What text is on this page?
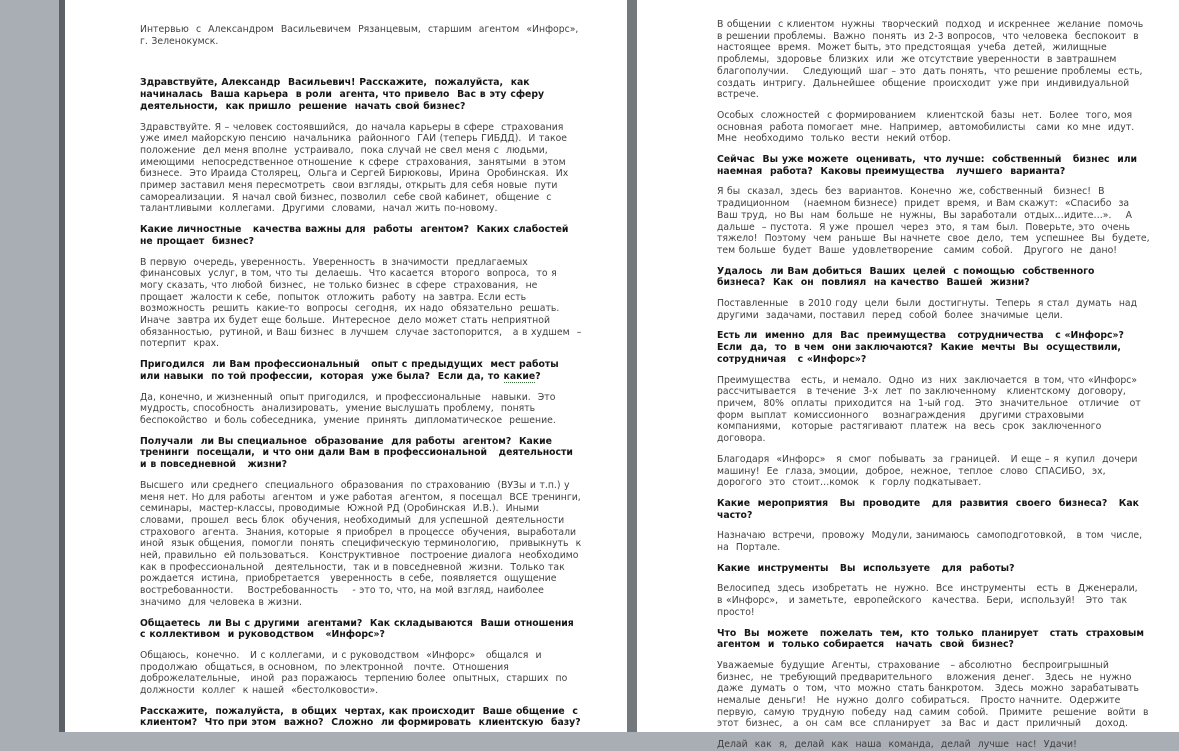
Интервью  с  Александром  Васильевичем  Рязанцевым,  старшим  агентом  «Инфорс»,  г. Зеленокумск.

Здравствуйте, Александр  Васильевич! Расскажите,  пожалуйста,  как начиналась  Ваша карьера  в роли  агента, что привело  Вас в эту сферу  деятельности,  как пришло  решение  начать свой бизнес?

Здравствуйте. Я – человек состоявшийся,  до начала карьеры в сфере  страхования  уже имел майорскую пенсию  начальника  районного  ГАИ (теперь ГИБДД).  И такое положение  дел меня вполне  устраивало,  пока случай не свел меня с  людьми, имеющими  непосредственное отношение  к сфере  страхования,  занятыми  в этом  бизнесе.  Это Ираида Столярец,  Ольга и Сергей Бирюковы,  Ирина  Оробинская.  Их пример заставил меня пересмотреть  свои взгляды, открыть для себя новые  пути самореализации.  Я начал свой бизнес, позволил  себе свой кабинет,  общение  с талантливыми  коллегами.  Другими  словами,  начал жить по-новому.

Какие личностные   качества важны для  работы  агентом?  Каких слабостей  не прощает  бизнес?

В первую  очередь, уверенность.  Уверенность  в значимости  предлагаемых  финансовых  услуг, в том, что ты  делаешь.  Что касается  второго  вопроса,  то я могу сказать, что любой  бизнес,  не только бизнес  в сфере  страхования,  не прощает  жалости к себе,  попыток  отложить  работу  на завтра. Если есть возможность  решить  какие-то  вопросы  сегодня,  их надо  обязательно  решать.  Иначе  завтра их будет еще больше.  Интересное  дело может стать неприятной  обязанностью,  рутиной, и Ваш бизнес  в лучшем  случае застопорится,   а в худшем  – потерпит  крах.

Пригодился  ли Вам профессиональный   опыт с предыдущих  мест работы  или навыки  по той профессии,  которая  уже была?  Если да, то какие?

Да, конечно, и жизненный  опыт пригодился,  и профессиональные   навыки.  Это мудрость, способность  анализировать,  умение выслушать проблему,  понять беспокойство  и боль собеседника,  умение  принять  дипломатическое  решение.

Получали  ли Вы специальное  образование  для работы  агентом?  Какие тренинги  посещали,  и что они дали Вам в профессиональной   деятельности  и в повседневной   жизни?

Высшего  или среднего  специального  образования  по страхованию  (ВУЗы и т.п.) у меня нет. Но для работы  агентом  и уже работая  агентом,  я посещал  ВСЕ тренинги,  семинары,  мастер-классы, проводимые  Южной РД (Оробинская  И.В.).  Иными  словами,  прошел  весь блок  обучения, необходимый  для успешной  деятельности  страхового  агента.  Знания, которые  я приобрел  в процессе  обучения,  выработали  иной  язык общения,  помогли  понять  специфическую терминологию,   привыкнуть  к ней, правильно  ей пользоваться.   Конструктивное   построение диалога  необходимо   как в профессиональной   деятельности,  так и в повседневной  жизни.  Только так рождается  истина,  приобретается   уверенность  в себе,  появляется  ощущение востребованности.    Востребованность    - это то, что, на мой взгляд, наиболее  значимо  для человека в жизни.

Общаетесь  ли Вы с другими  агентами?  Как складываются  Ваши отношения  с коллективом  и руководством   «Инфорс»?

Общаюсь,  конечно.   И с коллегами,  и с руководством  «Инфорс»   общался  и продолжаю  общаться, в основном,  по электронной   почте.  Отношения  доброжелательные,   иной  раз поражаюсь  терпению более  опытных,  старших  по должности  коллег  к нашей  «бестолковости».

Расскажите,  пожалуйста,  в общих  чертах, как происходит  Ваше общение  с клиентом?  Что при этом  важно?  Сложно  ли формировать  клиентскую  базу?

В общении  с клиентом  нужны  творческий  подход  и искреннее  желание  помочь  в решении проблемы.  Важно  понять  из 2-3 вопросов,  что человека  беспокоит  в настоящее  время.  Может быть, это предстоящая  учеба  детей,  жилищные  проблемы,  здоровье  близких  или  же отсутствие уверенности  в завтрашнем  благополучии.    Следующий  шаг – это  дать понять,  что решение проблемы  есть,  создать  интригу.  Дальнейшее  общение  происходит  уже при  индивидуальной встрече.

Особых  сложностей  с формированием   клиентской  базы  нет.  Более  того, моя основная  работа помогает  мне.  Например,  автомобилисты   сами  ко мне  идут.  Мне  необходимо  только  вести  некий отбор.

Сейчас  Вы уже можете  оценивать,  что лучше:  собственный   бизнес  или наемная  работа?  Каковы преимущества   лучшего  варианта?

Я бы  сказал,  здесь  без  вариантов.  Конечно  же, собственный   бизнес!  В традиционном    (наемном бизнесе)  придет  время,  и Вам скажут:  «Спасибо  за Ваш труд,  но Вы  нам  больше  не  нужны,  Вы заработали  отдых…идите…».    А дальше  – пустота.  Я уже  прошел  через  это,  я там  был.  Поверьте, это  очень  тяжело!  Поэтому  чем  раньше  Вы начнете  свое  дело,  тем  успешнее  Вы  будете,  тем больше  будет  Ваше  удовлетворение   самим  собой.   Другого  не  дано!

Удалось  ли Вам добиться  Ваших  целей  с помощью  собственного   бизнеса?  Как  он  повлиял  на качество  Вашей  жизни?

Поставленные   в 2010 году  цели  были  достигнуты.  Теперь  я стал  думать  над  другими  задачами, поставил  перед  собой  более  значимые  цели.

Есть ли  именно  для  Вас  преимущества   сотрудничества   с «Инфорс»?   Если  да,  то  в чем  они заключаются?  Какие  мечты  Вы  осуществили,   сотрудничая   с «Инфорс»?

Преимущества   есть,  и немало.  Одно  из  них  заключается  в том, что «Инфорс»   рассчитывается   в течение  3-х  лет  по заключенному   клиентскому  договору,  причем,  80%  оплаты  приходится  на  1-ый год.   Это  значительное   отличие   от  форм  выплат  комиссионного    вознаграждения    другими страховыми  компаниями,   которые  растягивают  платеж  на  весь  срок  заключенного   договора.

Благодаря  «Инфорс»   я  смог  побывать  за  границей.   И еще – я  купил  дочери  машину!  Ее  глаза, эмоции,  доброе,  нежное,  теплое  слово  СПАСИБО,  эх,  дорогого  это  стоит…комок   к  горлу подкатывает.

Какие  мероприятия   Вы  проводите   для  развития  своего  бизнеса?   Как  часто?

Назначаю  встречи,  провожу  Модули, занимаюсь  самоподготовкой,   в том  числе,  на  Портале.

Какие  инструменты   Вы  используете   для  работы?

Велосипед  здесь  изобретать  не  нужно.  Все  инструменты   есть  в  Дженерали,   в «Инфорс»,   и заметьте,  европейского   качества.  Бери,  используй!   Это  так  просто!

Что  Вы  можете   пожелать  тем,  кто  только  планирует   стать  страховым   агентом  и  только собирается   начать  свой  бизнес?

Уважаемые  будущие  Агенты,  страхование   – абсолютно   беспроигрышный    бизнес,  не  требующий предварительного    вложения  денег.   Здесь  не  нужно  даже  думать  о  том,  что  можно  стать банкротом.   Здесь  можно  зарабатывать   немалые  деньги!   Не  нужно  долго  собираться.   Просто начните.  Одержите  первую,  самую  трудную  победу  над  самим  собой.   Примите   решение   войти  в этот  бизнес,   а  он  сам  все  спланирует   за  Вас  и  даст  приличный    доход.

Делай  как  я,  делай  как  наша  команда,  делай  лучше  нас!  Удачи!
